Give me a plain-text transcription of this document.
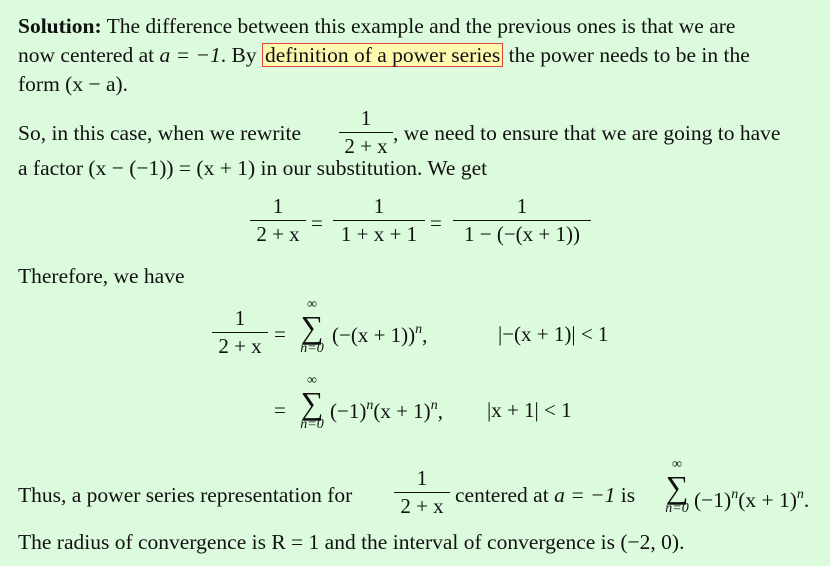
Solution: The difference between this example and the previous ones is that we are
now centered at a = −1. By definition of a power series the power needs to be in the
form (x − a).
So, in this case, when we rewrite
1
2 + x
, we need to ensure that we are going to have
a factor (x − (−1)) = (x + 1) in our substitution. We get
1
2 + x =
1
1 + x + 1 =
1
1 − (−(x + 1))
Therefore, we have
1
2 + x =
∞
∑
n=0
$(-(x + 1))^n$,	|−(x + 1)| < 1
=
∞
∑
n=0
$(-1)^n(x + 1)^n$, |x + 1| < 1
Thus, a power series representation for
1
2 + x centered at a = −1 is
∞
∑
n=0 $(-1)^n(x + 1)^n$.
The radius of convergence is R = 1 and the interval of convergence is (−2, 0).
